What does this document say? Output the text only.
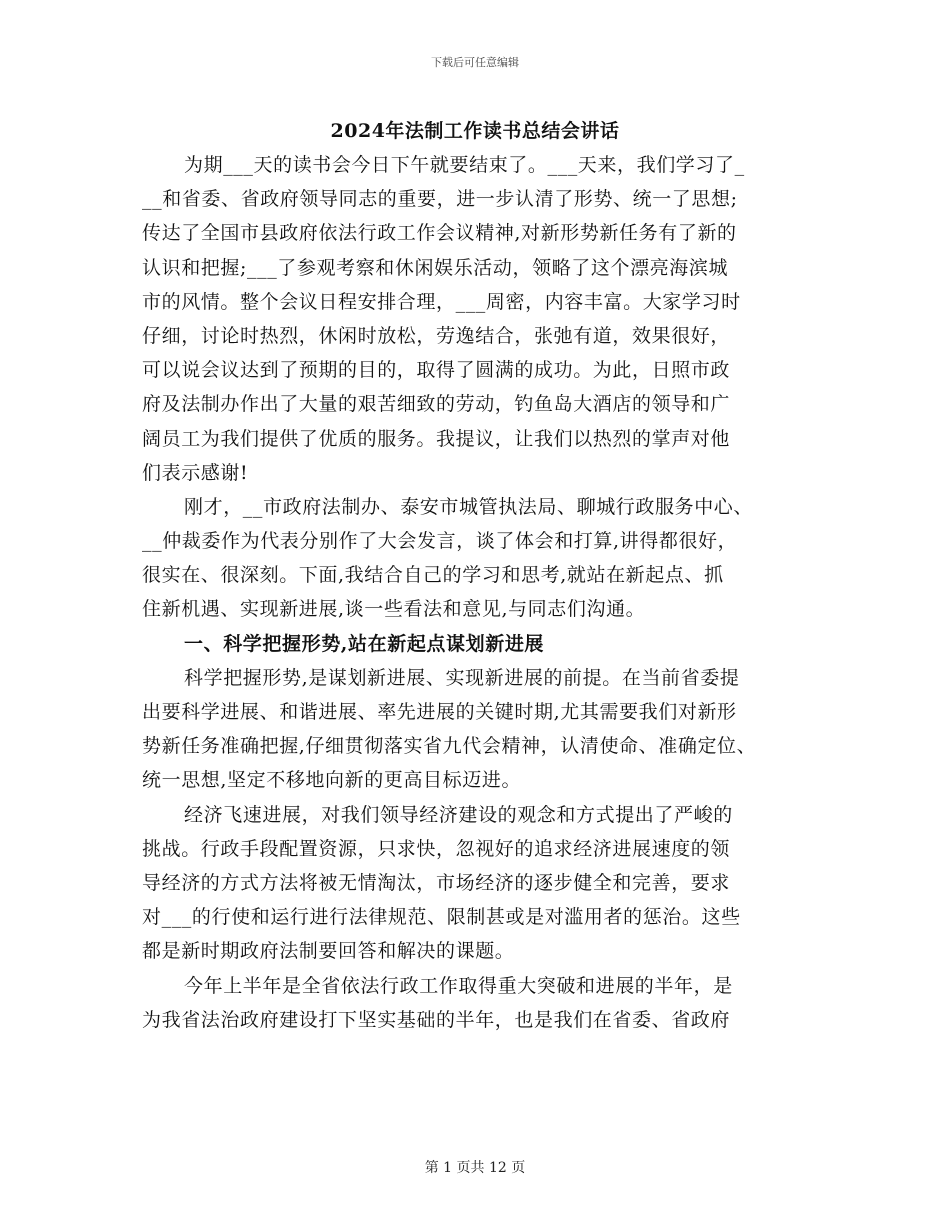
下载后可任意编辑
2024年法制工作读书总结会讲话
为期___天的读书会今日下午就要结束了。___天来，我们学习了_
__和省委、省政府领导同志的重要，进一步认清了形势、统一了思想;
传达了全国市县政府依法行政工作会议精神,对新形势新任务有了新的
认识和把握;___了参观考察和休闲娱乐活动，领略了这个漂亮海滨城
市的风情。整个会议日程安排合理，___周密，内容丰富。大家学习时
仔细，讨论时热烈，休闲时放松，劳逸结合，张弛有道，效果很好，
可以说会议达到了预期的目的，取得了圆满的成功。为此，日照市政
府及法制办作出了大量的艰苦细致的劳动，钓鱼岛大酒店的领导和广
阔员工为我们提供了优质的服务。我提议，让我们以热烈的掌声对他
们表示感谢!
刚才，__市政府法制办、泰安市城管执法局、聊城行政服务中心、
__仲裁委作为代表分别作了大会发言，谈了体会和打算,讲得都很好，
很实在、很深刻。下面,我结合自己的学习和思考,就站在新起点、抓
住新机遇、实现新进展,谈一些看法和意见,与同志们沟通。
一、科学把握形势,站在新起点谋划新进展
科学把握形势,是谋划新进展、实现新进展的前提。在当前省委提
出要科学进展、和谐进展、率先进展的关键时期,尤其需要我们对新形
势新任务准确把握,仔细贯彻落实省九代会精神，认清使命、准确定位、
统一思想,坚定不移地向新的更高目标迈进。
经济飞速进展，对我们领导经济建设的观念和方式提出了严峻的
挑战。行政手段配置资源，只求快，忽视好的追求经济进展速度的领
导经济的方式方法将被无情淘汰，市场经济的逐步健全和完善，要求
对___的行使和运行进行法律规范、限制甚或是对滥用者的惩治。这些
都是新时期政府法制要回答和解决的课题。
今年上半年是全省依法行政工作取得重大突破和进展的半年，是
为我省法治政府建设打下坚实基础的半年，也是我们在省委、省政府
第 1 页共 12 页
